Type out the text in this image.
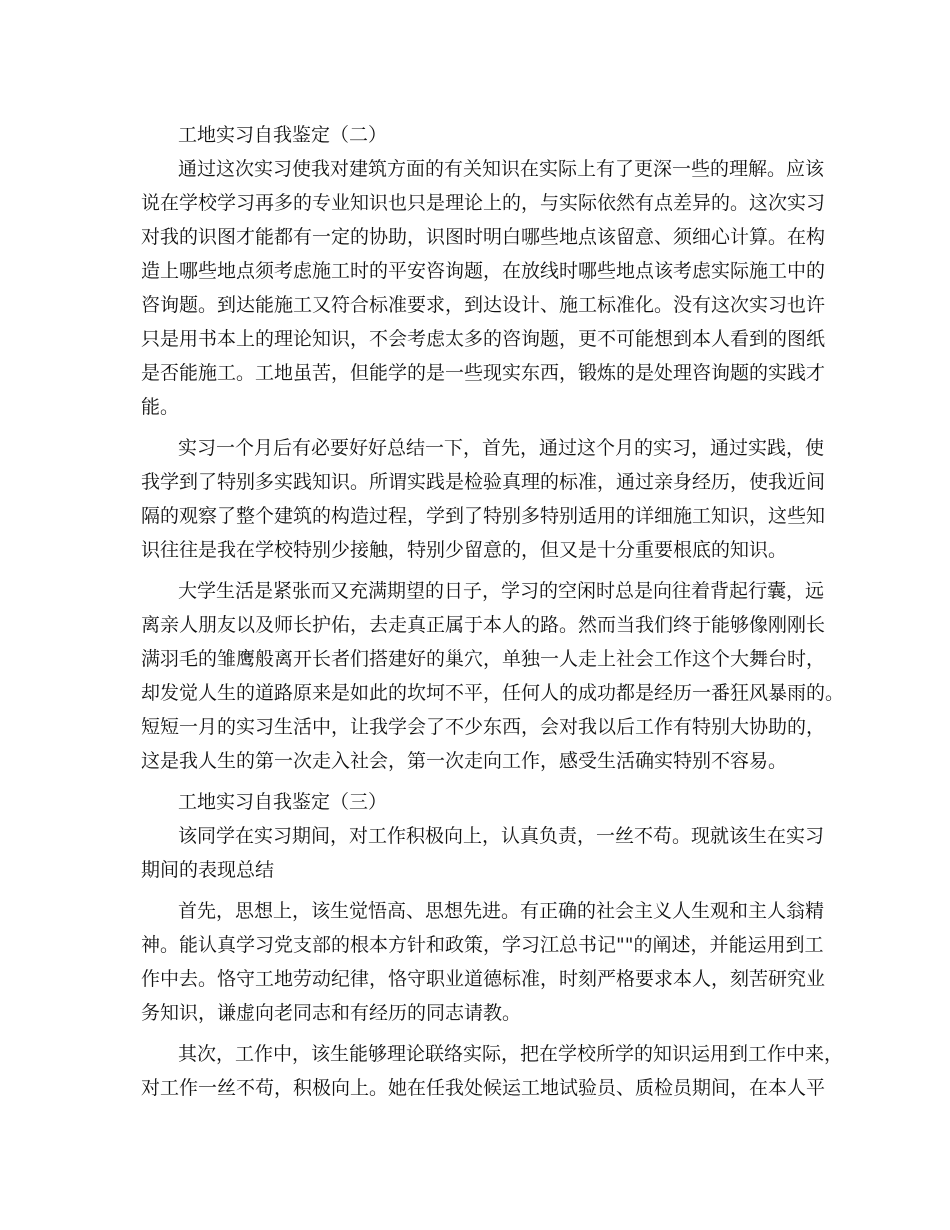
工地实习自我鉴定（二）

通过这次实习使我对建筑方面的有关知识在实际上有了更深一些的理解。应该
说在学校学习再多的专业知识也只是理论上的，与实际依然有点差异的。这次实习
对我的识图才能都有一定的协助，识图时明白哪些地点该留意、须细心计算。在构
造上哪些地点须考虑施工时的平安咨询题，在放线时哪些地点该考虑实际施工中的
咨询题。到达能施工又符合标准要求，到达设计、施工标准化。没有这次实习也许
只是用书本上的理论知识，不会考虑太多的咨询题，更不可能想到本人看到的图纸
是否能施工。工地虽苦，但能学的是一些现实东西，锻炼的是处理咨询题的实践才
能。

实习一个月后有必要好好总结一下，首先，通过这个月的实习，通过实践，使
我学到了特别多实践知识。所谓实践是检验真理的标准，通过亲身经历，使我近间
隔的观察了整个建筑的构造过程，学到了特别多特别适用的详细施工知识，这些知
识往往是我在学校特别少接触，特别少留意的，但又是十分重要根底的知识。

大学生活是紧张而又充满期望的日子，学习的空闲时总是向往着背起行囊，远
离亲人朋友以及师长护佑，去走真正属于本人的路。然而当我们终于能够像刚刚长
满羽毛的雏鹰般离开长者们搭建好的巢穴，单独一人走上社会工作这个大舞台时，
却发觉人生的道路原来是如此的坎坷不平，任何人的成功都是经历一番狂风暴雨的。
短短一月的实习生活中，让我学会了不少东西，会对我以后工作有特别大协助的，
这是我人生的第一次走入社会，第一次走向工作，感受生活确实特别不容易。

工地实习自我鉴定（三）

该同学在实习期间，对工作积极向上，认真负责，一丝不苟。现就该生在实习
期间的表现总结

首先，思想上，该生觉悟高、思想先进。有正确的社会主义人生观和主人翁精
神。能认真学习党支部的根本方针和政策，学习江总书记""的阐述，并能运用到工
作中去。恪守工地劳动纪律，恪守职业道德标准，时刻严格要求本人，刻苦研究业
务知识，谦虚向老同志和有经历的同志请教。

其次，工作中，该生能够理论联络实际，把在学校所学的知识运用到工作中来，
对工作一丝不苟，积极向上。她在任我处候运工地试验员、质检员期间，在本人平
